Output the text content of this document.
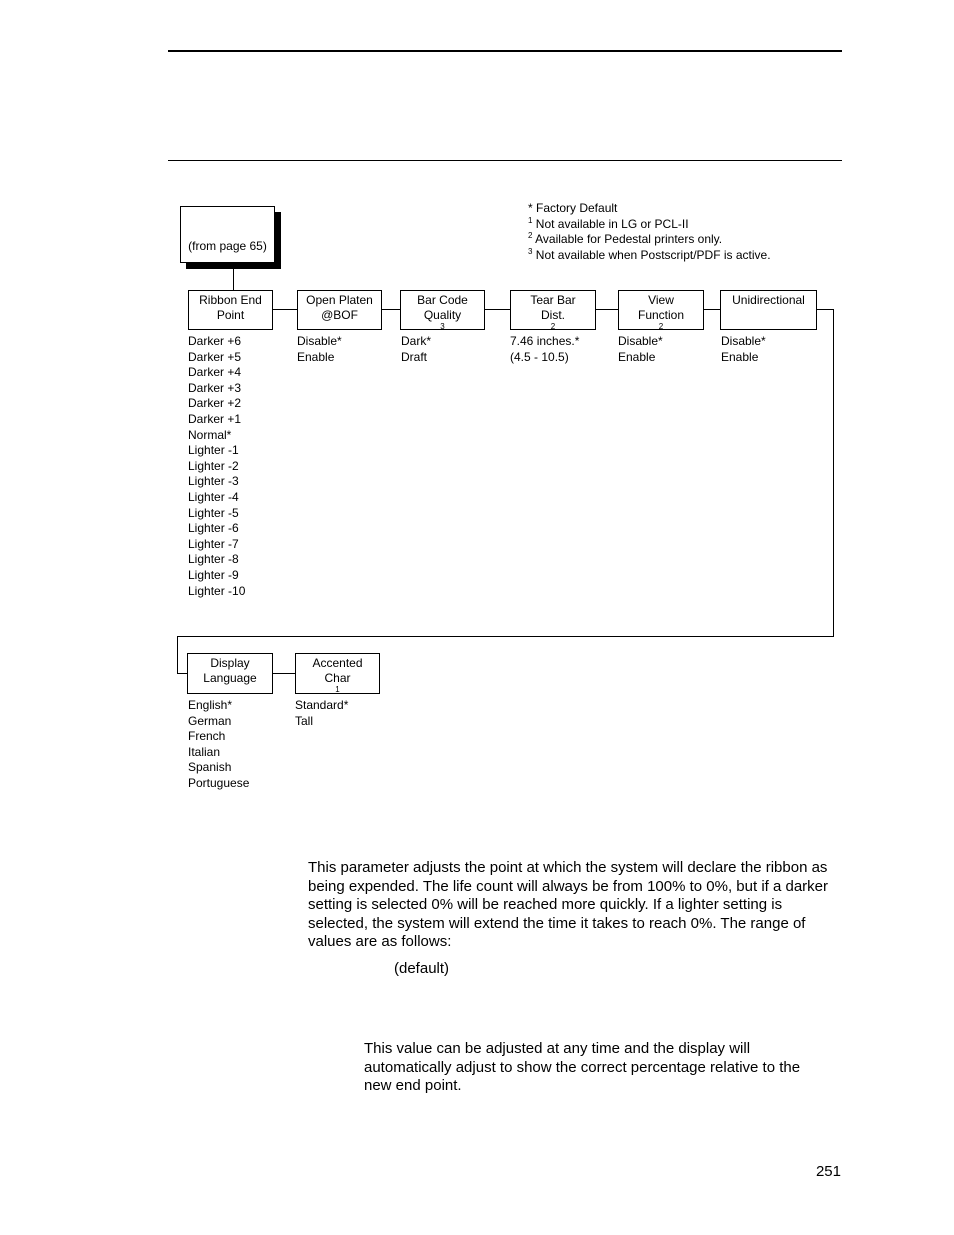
(from page 65)
* Factory Default
$^1$ Not available in LG or PCL-II
$^2$ Available for Pedestal printers only.
$^3$ Not available when Postscript/PDF is active.
Ribbon End
Point
Open Platen
@BOF
Bar Code
Quality
$^3$
Tear Bar
Dist.
$^2$
View
Function
$^2$
Unidirectional
Darker +6
Darker +5
Darker +4
Darker +3
Darker +2
Darker +1
Normal*
Lighter -1
Lighter -2
Lighter -3
Lighter -4
Lighter -5
Lighter -6
Lighter -7
Lighter -8
Lighter -9
Lighter -10
Disable*
Enable
Dark*
Draft
7.46 inches.*
(4.5 - 10.5)
Disable*
Enable
Disable*
Enable
Display
Language
Accented
Char
$^1$
English*
German
French
Italian
Spanish
Portuguese
Standard*
Tall
This parameter adjusts the point at which the system will declare the ribbon as being expended. The life count will always be from 100% to 0%, but if a darker setting is selected 0% will be reached more quickly. If a lighter setting is selected, the system will extend the time it takes to reach 0%. The range of values are as follows:
(default)
This value can be adjusted at any time and the display will automatically adjust to show the correct percentage relative to the new end point.
251
